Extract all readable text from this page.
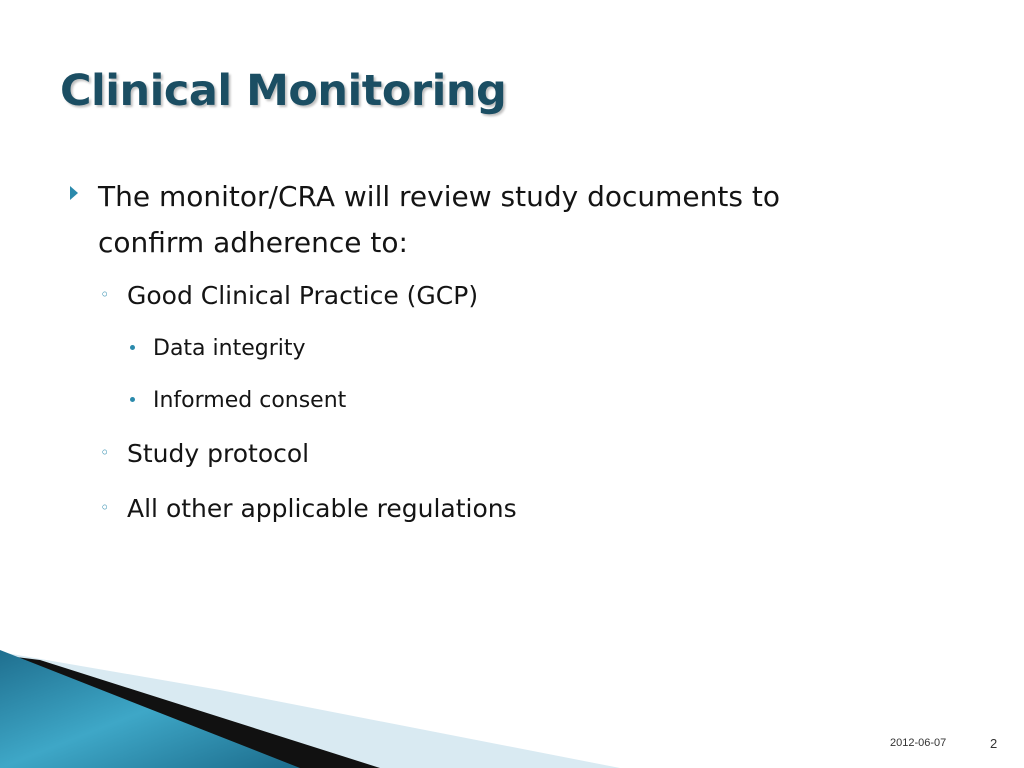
Clinical Monitoring

The monitor/CRA will review study documents to confirm adherence to:

◦ Good Clinical Practice (GCP)

Data integrity

Informed consent

◦ Study protocol

◦ All other applicable regulations

2012-06-07	2
